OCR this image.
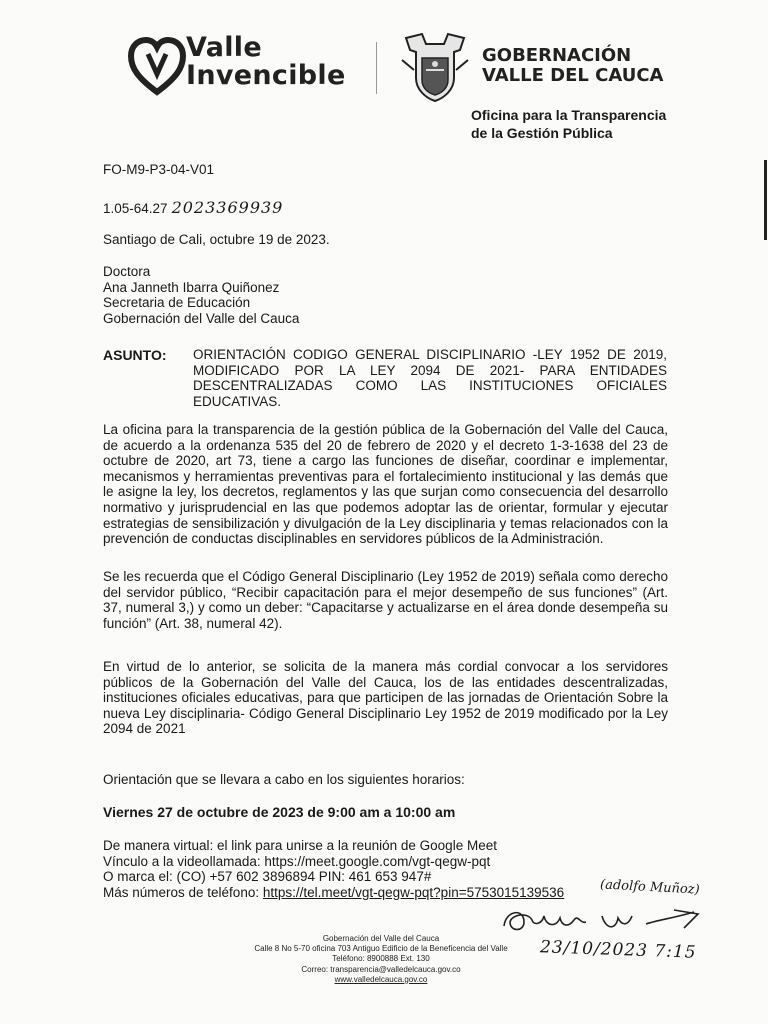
Valle
Invencible
GOBERNACIÓN
VALLE DEL CAUCA
Oficina para la Transparencia
de la Gestión Pública
FO-M9-P3-04-V01
1.05-64.27 2023369939
Santiago de Cali, octubre 19 de 2023.
Doctora
Ana Janneth Ibarra Quiñonez
Secretaria de Educación
Gobernación del Valle del Cauca
ASUNTO: ORIENTACIÓN CODIGO GENERAL DISCIPLINARIO -LEY 1952 DE 2019, MODIFICADO POR LA LEY 2094 DE 2021- PARA ENTIDADES DESCENTRALIZADAS COMO LAS INSTITUCIONES OFICIALES EDUCATIVAS.
La oficina para la transparencia de la gestión pública de la Gobernación del Valle del Cauca, de acuerdo a la ordenanza 535 del 20 de febrero de 2020 y el decreto 1-3-1638 del 23 de octubre de 2020, art 73, tiene a cargo las funciones de diseñar, coordinar e implementar, mecanismos y herramientas preventivas para el fortalecimiento institucional y las demás que le asigne la ley, los decretos, reglamentos y las que surjan como consecuencia del desarrollo normativo y jurisprudencial en las que podemos adoptar las de orientar, formular y ejecutar estrategias de sensibilización y divulgación de la Ley disciplinaria y temas relacionados con la prevención de conductas disciplinables en servidores públicos de la Administración.
Se les recuerda que el Código General Disciplinario (Ley 1952 de 2019) señala como derecho del servidor público, “Recibir capacitación para el mejor desempeño de sus funciones” (Art. 37, numeral 3,) y como un deber: “Capacitarse y actualizarse en el área donde desempeña su función” (Art. 38, numeral 42).
En virtud de lo anterior, se solicita de la manera más cordial convocar a los servidores públicos de la Gobernación del Valle del Cauca, los de las entidades descentralizadas, instituciones oficiales educativas, para que participen de las jornadas de Orientación Sobre la nueva Ley disciplinaria- Código General Disciplinario Ley 1952 de 2019 modificado por la Ley 2094 de 2021
Orientación que se llevara a cabo en los siguientes horarios:
Viernes 27 de octubre de 2023 de 9:00 am a 10:00 am
De manera virtual: el link para unirse a la reunión de Google Meet
Vínculo a la videollamada: https://meet.google.com/vgt-qegw-pqt
O marca el: (CO) +57 602 3896894 PIN: 461 653 947#
Más números de teléfono: https://tel.meet/vgt-qegw-pqt?pin=5753015139536	(adolfo Muñoz)
23/10/2023 7:15
Gobernación del Valle del Cauca
Calle 8 No 5-70 oficina 703 Antiguo Edificio de la Beneficencia del Valle
Teléfono: 8900888 Ext. 130
Correo: transparencia@valledelcauca.gov.co
www.valledelcauca.gov.co
